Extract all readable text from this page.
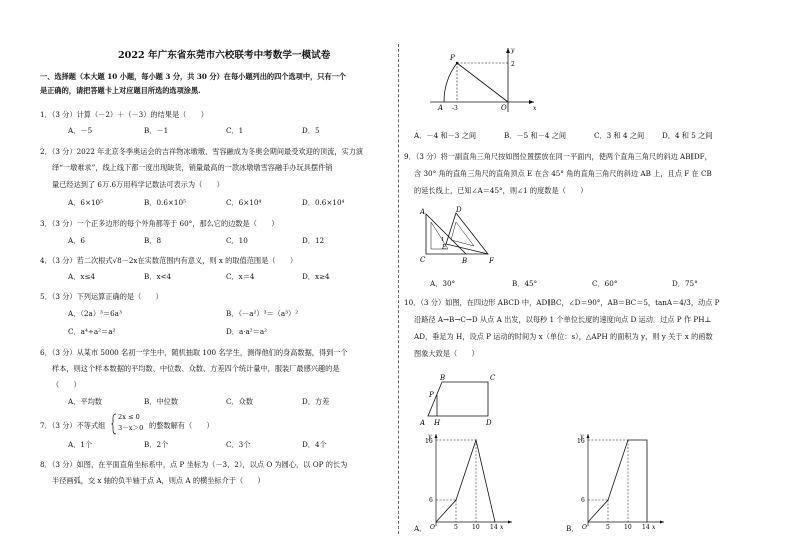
2022 年广东省东莞市六校联考中考数学一模试卷
一、选择题（本大题 10 小题，每小题 3 分，共 30 分）在每小题列出的四个选项中，只有一个
是正确的，请把答题卡上对应题目所选的选项涂黑.
1．（3 分）计算（－2）＋（－3）的结果是（　　）
A．－5	B．－1	C．1	D．5
2．（3 分）2022 年北京冬季奥运会的吉祥物冰墩墩、雪容融成为冬奥会期间最受欢迎的顶流，实力演
绎“一墩难求”，线上线下都一度出现缺货，销量最高的一款冰墩墩雪容融手办玩具摆件销
量已经达到了 6万.6万用科学记数法可表示为（　　）
A．6×10⁵	B．0.6×10⁵	C．6×10⁴	D．0.6×10⁴
3．（3 分）一个正多边形的每个外角都等于 60°，那么它的边数是（　　）
A．6	B．8	C．10	D．12
4．（3 分）若二次根式√8－2x在实数范围内有意义，则 x 的取值范围是（　　）
A．x≤4	B．x<4	C．x＝4	D．x≥4
5．（3 分）下列运算正确的是（　　）
A．（2a）³＝6a³	B．（－a²）³＝（a³）²
C．a⁴÷a²＝a²	D．a·a²＝a²
6．（3 分）从某市 5000 名初一学生中，随机抽取 100 名学生，测得他们的身高数据，得到一个
样本，则这个样本数据的平均数、中位数、众数、方差四个统计量中，服装厂最感兴趣的是
（　　）
A．平均数	B．中位数	C．众数	D．方差
7．（3 分）不等式组
2x ≤ 0
3－x＞0 的整数解有（　　）
A．1个	B．2个	C．3个	D．4个
8．（3 分）如图，在平面直角坐标系中，点 P 坐标为（－3，2），以点 O 为圆心，以 OP 的长为
半径画弧，交 x 轴的负半轴于点 A，则点 A 的横坐标介于（　　）
P
A -3	O
2
y
x
A．－4 和－3 之间	B．－5 和－4 之间	C．3 和 4 之间 D．4 和 5 之间
9．（3 分）将一副直角三角尺按如图位置摆放在同一平面内，使两个直角三角尺的斜边 AB∥DF，
含 30° 角的直角三角尺的直角顶点 E 在含 45° 角的直角三角尺的斜边 AB 上，且点 F 在 CB
的延长线上，已知∠A＝45°，则∠1 的度数是（　　）
A	D
E
1
C	B	F
A．30°	B．45°	C．60°	D．75°
10．（3 分）如图，在四边形 ABCD 中，AD∥BC，∠D＝90°，AB＝BC＝5，tanA＝4/3，动点 P
沿路径 A→B→C→D 从点 A 出发，以每秒 1 个单位长度的速度向点 D 运动．过点 P 作 PH⊥
AD，垂足为 H，设点 P 运动的时间为 x（单位：s），△APH 的面积为 y，则 y 关于 x 的函数
图象大致是（　　）
B	C
P
A H	D
A．
y
16
6
O	5 10 14 x	B．
y
16
6
O	5 10 14 x
